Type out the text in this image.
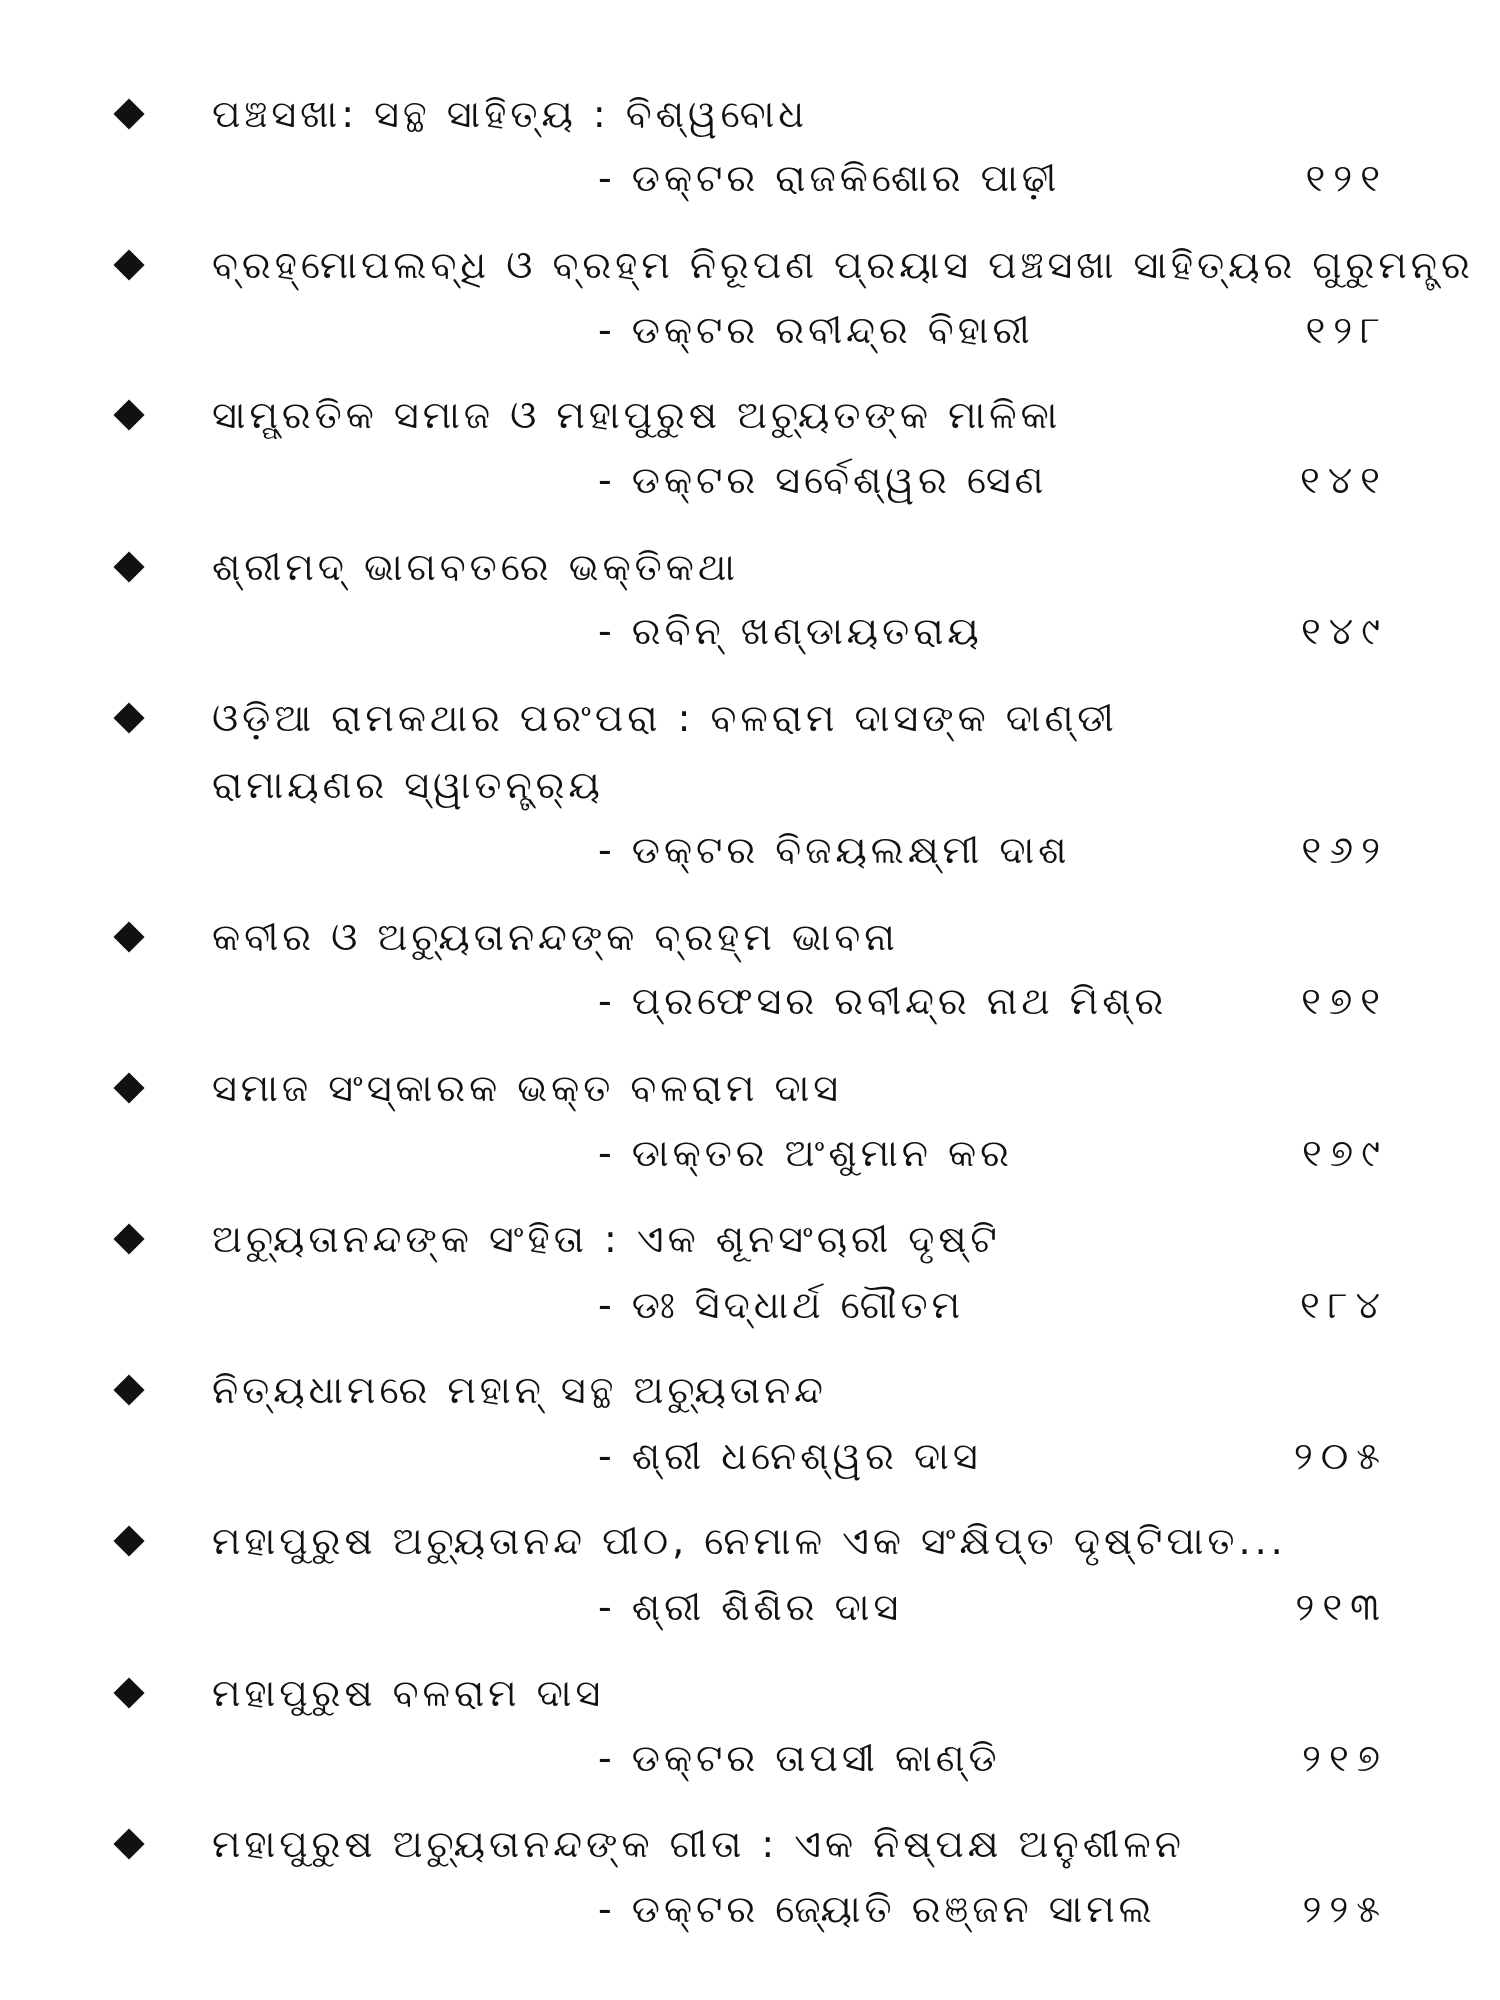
ପଞ୍ଚସଖା: ସନ୍ଥ ସାହିତ୍ୟ : ବିଶ୍ୱବୋଧ
- ଡକ୍ଟର ରାଜକିଶୋର ପାଢ଼ୀ	୧୨୧
ବ୍ରହ୍ମୋପଲବ୍ଧି ଓ ବ୍ରହ୍ମ ନିରୂପଣ ପ୍ରୟାସ ପଞ୍ଚସଖା ସାହିତ୍ୟର ଗୁରୁମନ୍ତ୍ର
- ଡକ୍ଟର ରବୀନ୍ଦ୍ର ବିହାରୀ	୧୨୮
ସାମ୍ପ୍ରତିକ ସମାଜ ଓ ମହାପୁରୁଷ ଅଚ୍ୟୁତଙ୍କ ମାଳିକା
- ଡକ୍ଟର ସର୍ବେଶ୍ୱର ସେଣ	୧୪୧
ଶ୍ରୀମଦ୍ ଭାଗବତରେ ଭକ୍ତିକଥା
- ରବିନ୍ ଖଣ୍ଡାୟତରାୟ	୧୪୯
ଓଡ଼ିଆ ରାମକଥାର ପରଂପରା : ବଳରାମ ଦାସଙ୍କ ଦାଣ୍ଡୀ
ରାମାୟଣର ସ୍ୱାତନ୍ତ୍ର୍ୟ
- ଡକ୍ଟର ବିଜୟଲକ୍ଷ୍ମୀ ଦାଶ	୧୬୨
କବୀର ଓ ଅଚ୍ୟୁତାନନ୍ଦଙ୍କ ବ୍ରହ୍ମ ଭାବନା
- ପ୍ରଫେସର ରବୀନ୍ଦ୍ର ନାଥ ମିଶ୍ର	୧୭୧
ସମାଜ ସଂସ୍କାରକ ଭକ୍ତ ବଳରାମ ଦାସ
- ଡାକ୍ତର ଅଂଶୁମାନ କର	୧୭୯
ଅଚ୍ୟୁତାନନ୍ଦଙ୍କ ସଂହିତା : ଏକ ଶୂନସଂଚାରୀ ଦୃଷ୍ଟି
- ଡଃ ସିଦ୍ଧାର୍ଥ ଗୌତମ	୧୮୪
ନିତ୍ୟଧାମରେ ମହାନ୍ ସନ୍ଥ ଅଚ୍ୟୁତାନନ୍ଦ
- ଶ୍ରୀ ଧନେଶ୍ୱର ଦାସ	୨୦୫
ମହାପୁରୁଷ ଅଚ୍ୟୁତାନନ୍ଦ ପୀଠ, ନେମାଳ ଏକ ସଂକ୍ଷିପ୍ତ ଦୃଷ୍ଟିପାତ...
- ଶ୍ରୀ ଶିଶିର ଦାସ	୨୧୩
ମହାପୁରୁଷ ବଳରାମ ଦାସ
- ଡକ୍ଟର ତାପସୀ କାଣ୍ଡି	୨୧୭
ମହାପୁରୁଷ ଅଚ୍ୟୁତାନନ୍ଦଙ୍କ ଗୀତା : ଏକ ନିଷ୍ପକ୍ଷ ଅନୁଶୀଳନ
- ଡକ୍ଟର ଜ୍ୟୋତି ରଞ୍ଜନ ସାମଲ	୨୨୫
